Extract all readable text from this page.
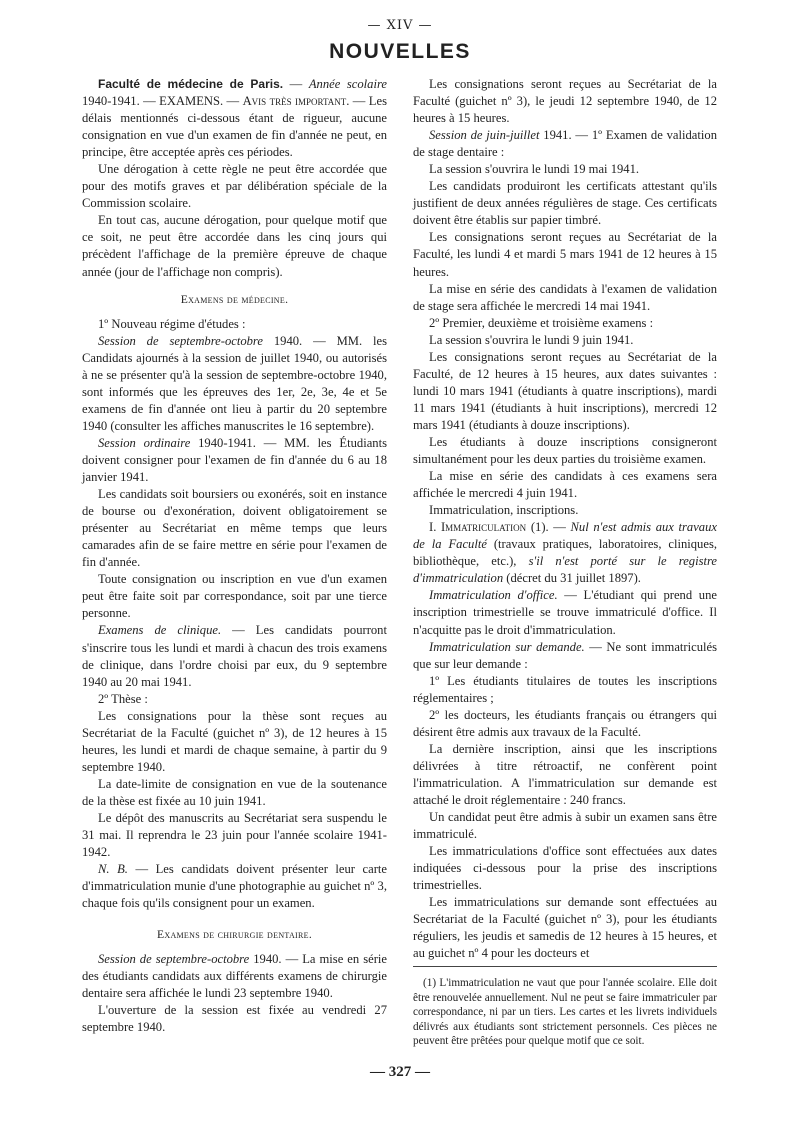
— XIV —
NOUVELLES

Faculté de médecine de Paris. — Année scolaire 1940-1941. — EXAMENS. — Avis très important. — Les délais mentionnés ci-dessous étant de rigueur, aucune consignation en vue d'un examen de fin d'année ne peut, en principe, être acceptée après ces périodes.

Une dérogation à cette règle ne peut être accordée que pour des motifs graves et par délibération spéciale de la Commission scolaire.

En tout cas, aucune dérogation, pour quelque motif que ce soit, ne peut être accordée dans les cinq jours qui précèdent l'affichage de la première épreuve de chaque année (jour de l'affichage non compris).

Examens de médecine.

1º Nouveau régime d'études :

Session de septembre-octobre 1940. — MM. les Candidats ajournés à la session de juillet 1940, ou autorisés à ne se présenter qu'à la session de septembre-octobre 1940, sont informés que les épreuves des 1er, 2e, 3e, 4e et 5e examens de fin d'année ont lieu à partir du 20 septembre 1940 (consulter les affiches manuscrites le 16 septembre).

Session ordinaire 1940-1941. — MM. les Étudiants doivent consigner pour l'examen de fin d'année du 6 au 18 janvier 1941.

Les candidats soit boursiers ou exonérés, soit en instance de bourse ou d'exonération, doivent obligatoirement se présenter au Secrétariat en même temps que leurs camarades afin de se faire mettre en série pour l'examen de fin d'année.

Toute consignation ou inscription en vue d'un examen peut être faite soit par correspondance, soit par une tierce personne.

Examens de clinique. — Les candidats pourront s'inscrire tous les lundi et mardi à chacun des trois examens de clinique, dans l'ordre choisi par eux, du 9 septembre 1940 au 20 mai 1941.

2º Thèse :

Les consignations pour la thèse sont reçues au Secrétariat de la Faculté (guichet nº 3), de 12 heures à 15 heures, les lundi et mardi de chaque semaine, à partir du 9 septembre 1940.

La date-limite de consignation en vue de la soutenance de la thèse est fixée au 10 juin 1941.

Le dépôt des manuscrits au Secrétariat sera suspendu le 31 mai. Il reprendra le 23 juin pour l'année scolaire 1941-1942.

N. B. — Les candidats doivent présenter leur carte d'immatriculation munie d'une photographie au guichet nº 3, chaque fois qu'ils consignent pour un examen.

Examens de chirurgie dentaire.

Session de septembre-octobre 1940. — La mise en série des étudiants candidats aux différents examens de chirurgie dentaire sera affichée le lundi 23 septembre 1940.

L'ouverture de la session est fixée au vendredi 27 septembre 1940.

Les consignations seront reçues au Secrétariat de la Faculté (guichet nº 3), le jeudi 12 septembre 1940, de 12 heures à 15 heures.

Session de juin-juillet 1941. — 1º Examen de validation de stage dentaire :

La session s'ouvrira le lundi 19 mai 1941.

Les candidats produiront les certificats attestant qu'ils justifient de deux années régulières de stage. Ces certificats doivent être établis sur papier timbré.

Les consignations seront reçues au Secrétariat de la Faculté, les lundi 4 et mardi 5 mars 1941 de 12 heures à 15 heures.

La mise en série des candidats à l'examen de validation de stage sera affichée le mercredi 14 mai 1941.

2º Premier, deuxième et troisième examens :

La session s'ouvrira le lundi 9 juin 1941.

Les consignations seront reçues au Secrétariat de la Faculté, de 12 heures à 15 heures, aux dates suivantes : lundi 10 mars 1941 (étudiants à quatre inscriptions), mardi 11 mars 1941 (étudiants à huit inscriptions), mercredi 12 mars 1941 (étudiants à douze inscriptions).

Les étudiants à douze inscriptions consigneront simultanément pour les deux parties du troisième examen.

La mise en série des candidats à ces examens sera affichée le mercredi 4 juin 1941.

Immatriculation, inscriptions.

I. Immatriculation (1). — Nul n'est admis aux travaux de la Faculté (travaux pratiques, laboratoires, cliniques, bibliothèque, etc.), s'il n'est porté sur le registre d'immatriculation (décret du 31 juillet 1897).

Immatriculation d'office. — L'étudiant qui prend une inscription trimestrielle se trouve immatriculé d'office. Il n'acquitte pas le droit d'immatriculation.

Immatriculation sur demande. — Ne sont immatriculés que sur leur demande :

1º Les étudiants titulaires de toutes les inscriptions réglementaires ;

2º les docteurs, les étudiants français ou étrangers qui désirent être admis aux travaux de la Faculté.

La dernière inscription, ainsi que les inscriptions délivrées à titre rétroactif, ne confèrent point l'immatriculation. A l'immatriculation sur demande est attaché le droit réglementaire : 240 francs.

Un candidat peut être admis à subir un examen sans être immatriculé.

Les immatriculations d'office sont effectuées aux dates indiquées ci-dessous pour la prise des inscriptions trimestrielles.

Les immatriculations sur demande sont effectuées au Secrétariat de la Faculté (guichet nº 3), pour les étudiants réguliers, les jeudis et samedis de 12 heures à 15 heures, et au guichet nº 4 pour les docteurs et

(1) L'immatriculation ne vaut que pour l'année scolaire. Elle doit être renouvelée annuellement. Nul ne peut se faire immatriculer par correspondance, ni par un tiers. Les cartes et les livrets individuels délivrés aux étudiants sont strictement personnels. Ces pièces ne peuvent être prêtées pour quelque motif que ce soit.

— 327 —
